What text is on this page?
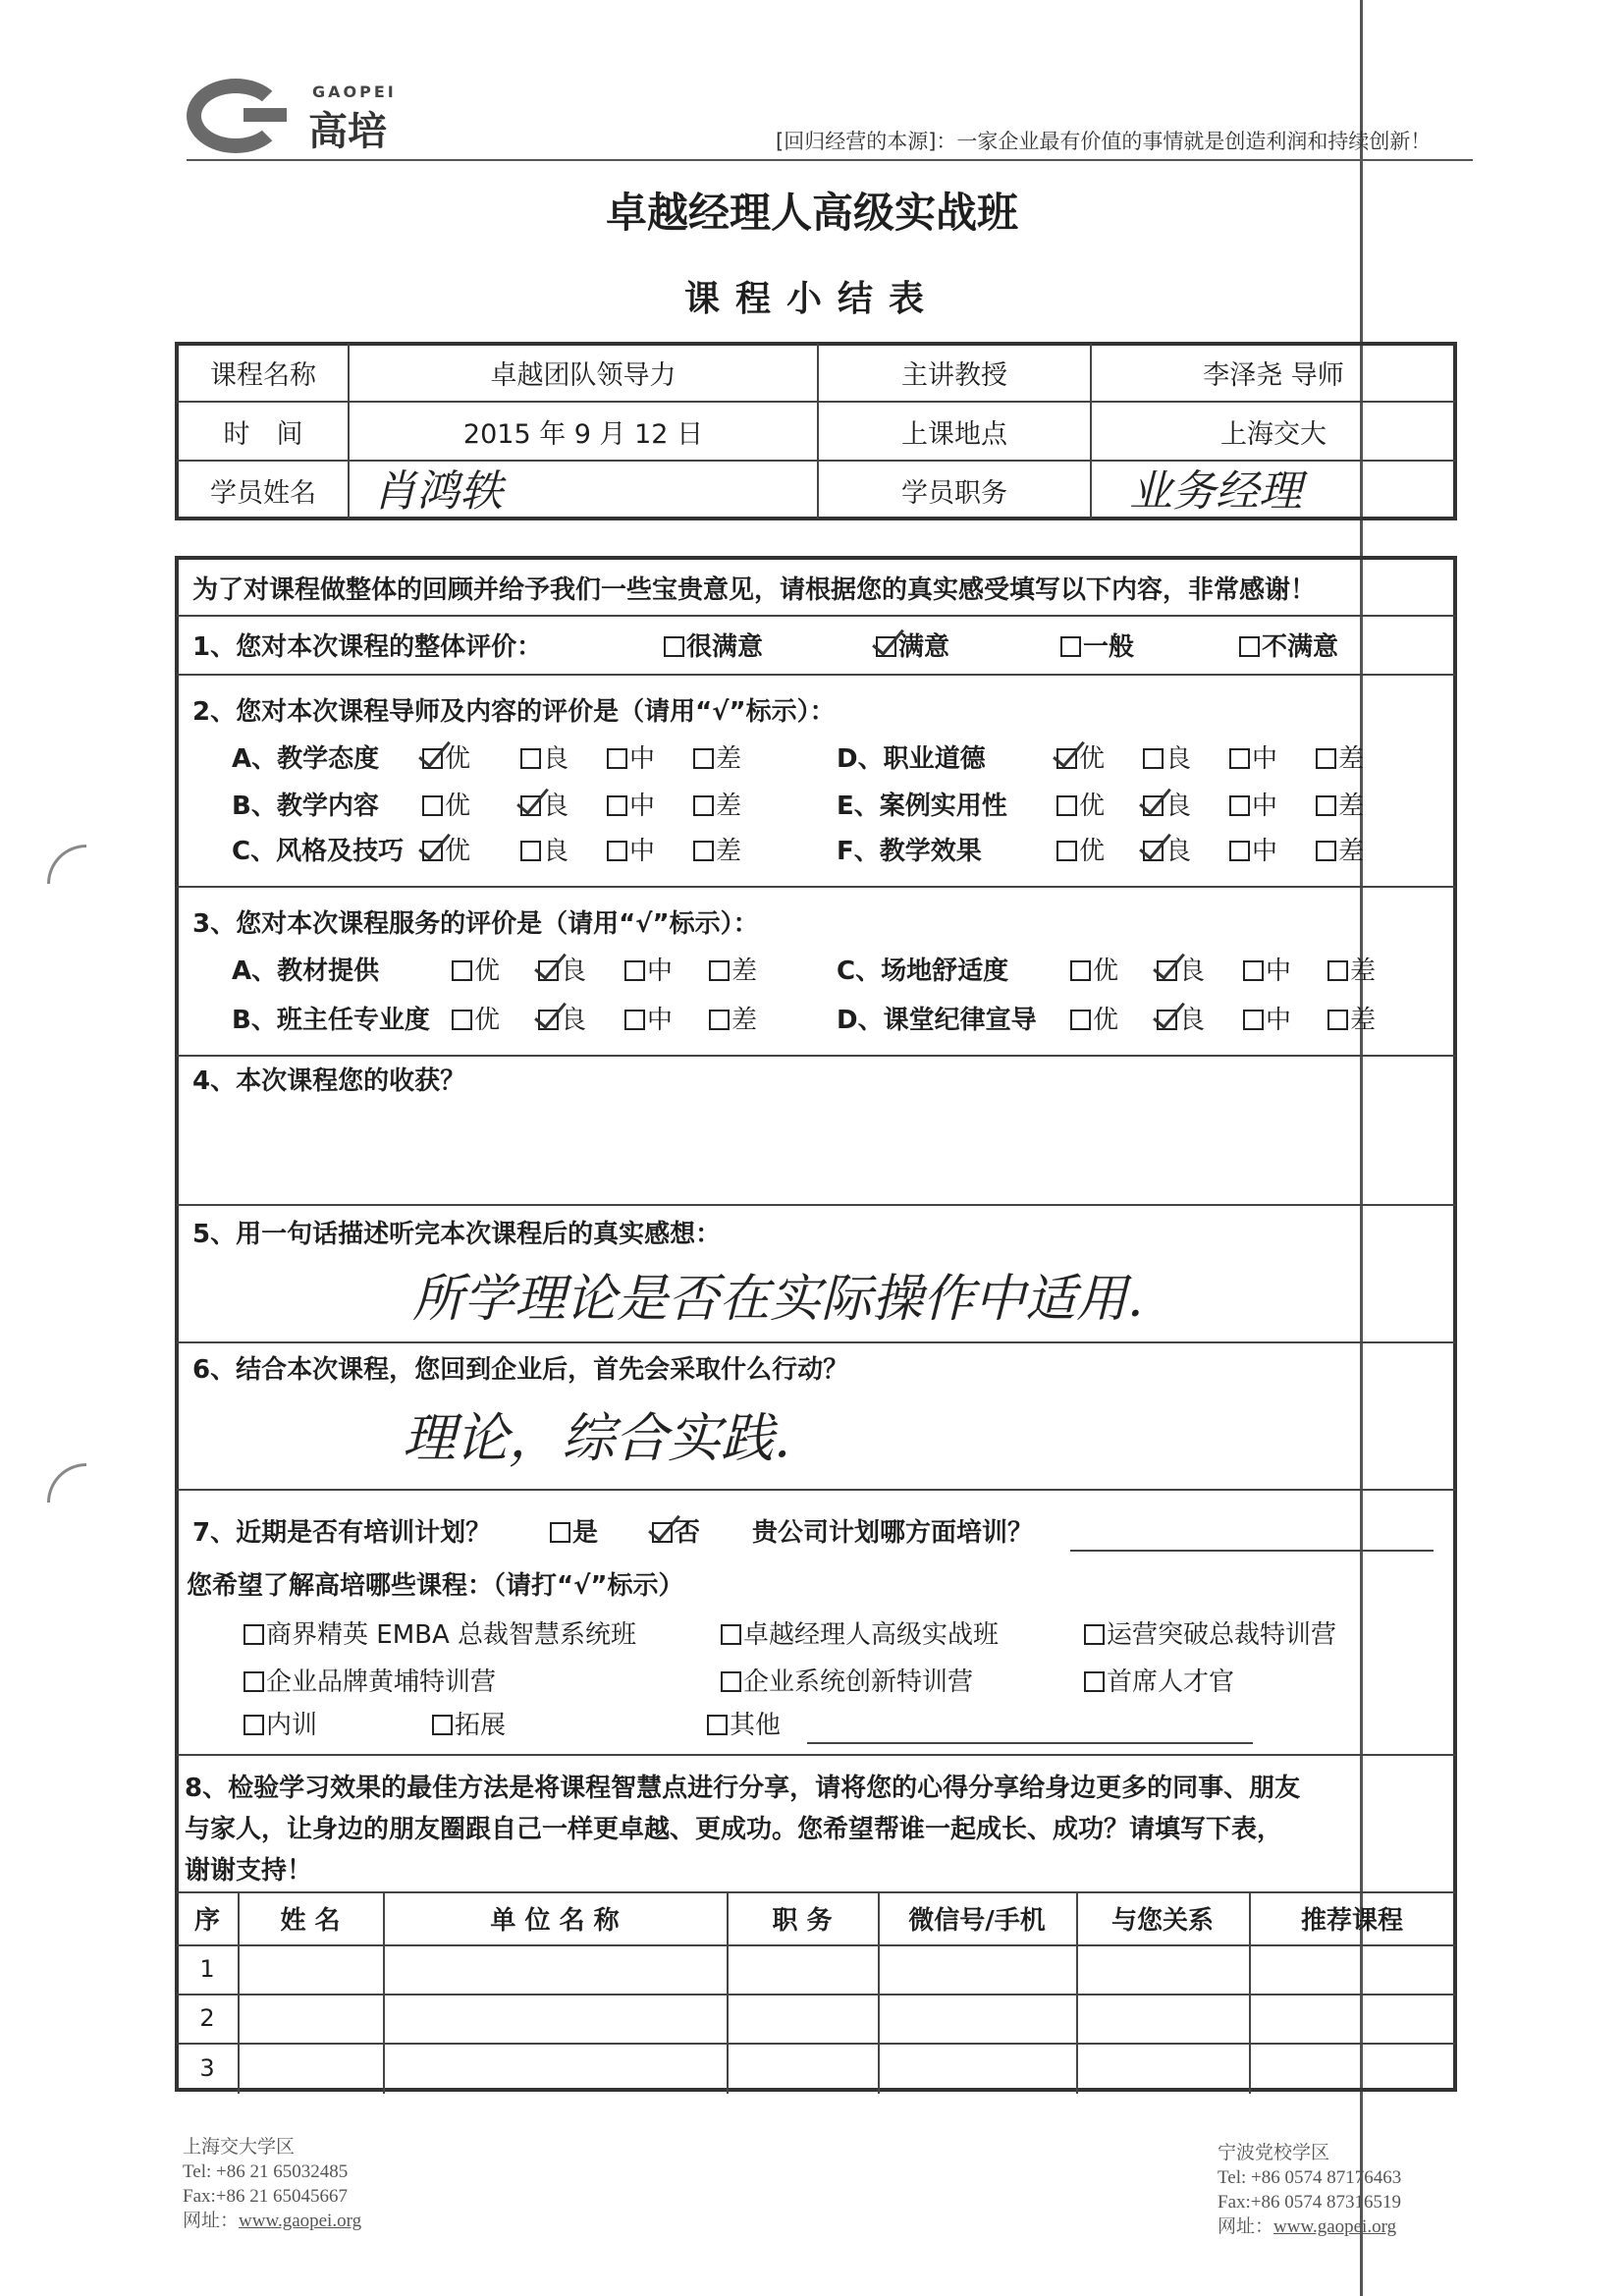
GAOPEI
高培	[回归经营的本源]：一家企业最有价值的事情就是创造利润和持续创新！
卓越经理人高级实战班
课程小结表
课程名称	卓越团队领导力	主讲教授	李泽尧 导师
时　间	2015 年 9 月 12 日	上课地点	上海交大
学员姓名	肖鸿轶	学员职务	业务经理
为了对课程做整体的回顾并给予我们一些宝贵意见，请根据您的真实感受填写以下内容，非常感谢！
1、您对本次课程的整体评价：	很满意	满意	一般	不满意
2、您对本次课程导师及内容的评价是（请用“√”标示）：
A、教学态度	优	良	中	差
B、教学内容	优	良	中	差
C、风格及技巧	优	良	中	差
D、职业道德	优	良	中	差
E、案例实用性	优	良	中	差
F、教学效果	优	良	中	差
3、您对本次课程服务的评价是（请用“√”标示）：
A、教材提供	优	良	中	差
B、班主任专业度	优	良	中	差
C、场地舒适度	优	良	中	差
D、课堂纪律宣导	优	良	中	差
4、本次课程您的收获？
5、用一句话描述听完本次课程后的真实感想：
所学理论是否在实际操作中适用.
6、结合本次课程，您回到企业后，首先会采取什么行动？
理论，综合实践.
7、近期是否有培训计划？	是	否 贵公司计划哪方面培训？
您希望了解高培哪些课程：（请打“√”标示）
商界精英 EMBA 总裁智慧系统班	卓越经理人高级实战班	运营突破总裁特训营
企业品牌黄埔特训营	企业系统创新特训营	首席人才官
内训	拓展	其他
8、检验学习效果的最佳方法是将课程智慧点进行分享，请将您的心得分享给身边更多的同事、朋友
与家人，让身边的朋友圈跟自己一样更卓越、更成功。您希望帮谁一起成长、成功？请填写下表，
谢谢支持！
序	姓 名	单 位 名 称	职 务	微信号/手机	与您关系	推荐课程
1
2
3
上海交大学区
Tel: +86 21 65032485
Fax:+86 21 65045667
网址：www.gaopei.org
宁波党校学区
Tel: +86 0574 87176463
Fax:+86 0574 87316519
网址：www.gaopei.org
